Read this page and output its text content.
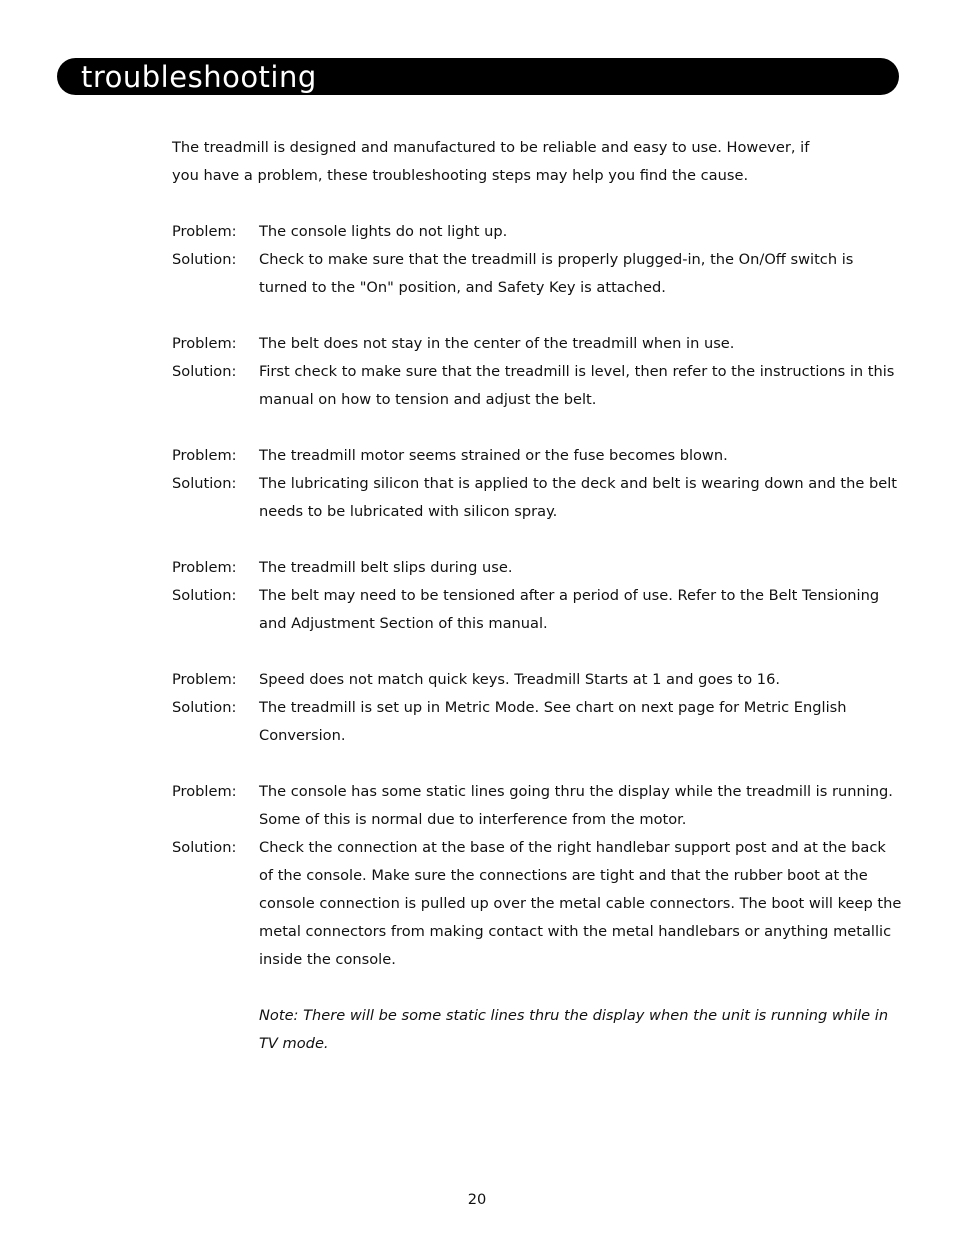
troubleshooting

The treadmill is designed and manufactured to be reliable and easy to use. However, if you have a problem, these troubleshooting steps may help you find the cause.

Problem:	The console lights do not light up.
Solution:	Check to make sure that the treadmill is properly plugged-in, the On/Off switch is turned to the "On" position, and Safety Key is attached.
Problem:	The belt does not stay in the center of the treadmill when in use.
Solution:	First check to make sure that the treadmill is level, then refer to the instructions in this manual on how to tension and adjust the belt.
Problem:	The treadmill motor seems strained or the fuse becomes blown.
Solution:	The lubricating silicon that is applied to the deck and belt is wearing down and the belt needs to be lubricated with silicon spray.
Problem:	The treadmill belt slips during use.
Solution:	The belt may need to be tensioned after a period of use. Refer to the Belt Tensioning and Adjustment Section of this manual.
Problem:	Speed does not match quick keys. Treadmill Starts at 1 and goes to 16.
Solution:	The treadmill is set up in Metric Mode. See chart on next page for Metric English Conversion.
Problem:	The console has some static lines going thru the display while the treadmill is running. Some of this is normal due to interference from the motor.
Solution:	Check the connection at the base of the right handlebar support post and at the back of the console. Make sure the connections are tight and that the rubber boot at the console connection is pulled up over the metal cable connectors. The boot will keep the metal connectors from making contact with the metal handlebars or anything metallic inside the console.
Note: There will be some static lines thru the display when the unit is running while in TV mode.
20
